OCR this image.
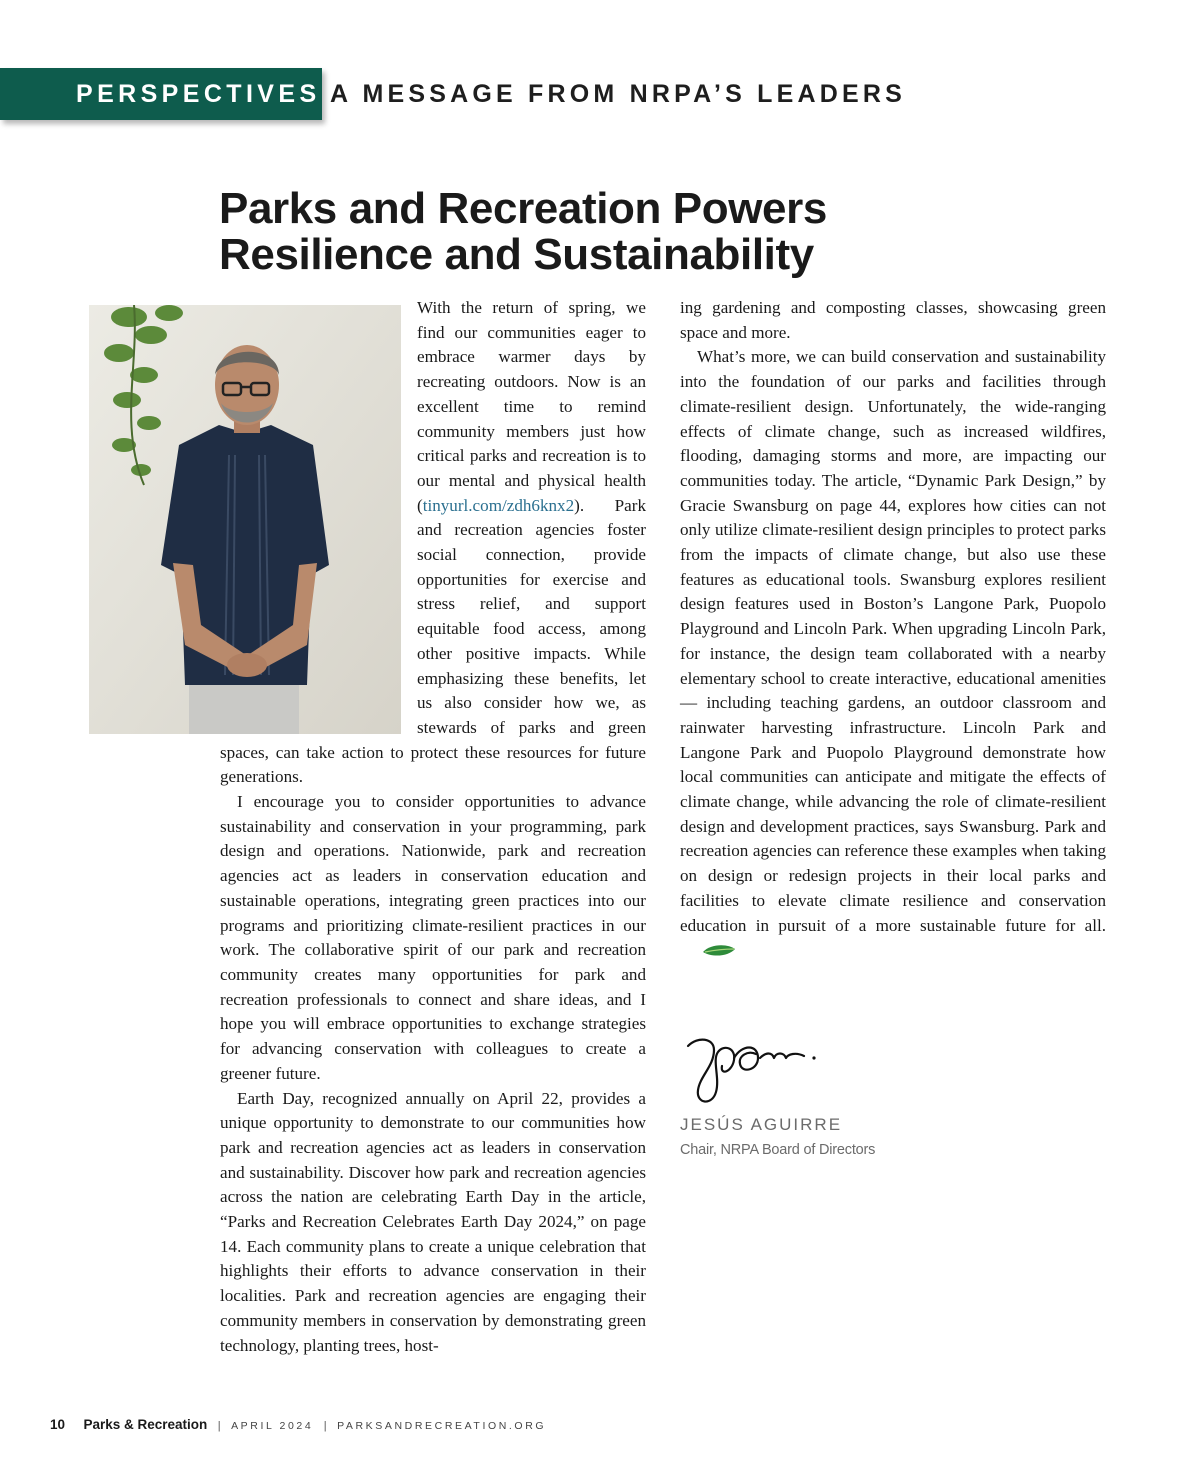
PERSPECTIVES A MESSAGE FROM NRPA’S LEADERS
Parks and Recreation Powers
Resilience and Sustainability

With the return of spring, we find our communities eager to embrace warmer days by recreating outdoors. Now is an excellent time to remind community members just how critical parks and recreation is to our mental and physical health (tinyurl.com/zdh6knx2). Park and recreation agencies foster social connection, provide opportunities for exercise and stress relief, and support equitable food access, among other positive impacts. While emphasizing these benefits, let us also consider how we, as stewards of parks and green spaces, can take action to protect these resources for future generations.

I encourage you to consider opportunities to advance sustainability and conservation in your programming, park design and operations. Nationwide, park and recreation agencies act as leaders in conservation education and sustainable operations, integrating green practices into our programs and prioritizing climate-resilient practices in our work. The collaborative spirit of our park and recreation community creates many opportunities for park and recreation professionals to connect and share ideas, and I hope you will embrace opportunities to exchange strategies for advancing conservation with colleagues to create a greener future.

Earth Day, recognized annually on April 22, provides a unique opportunity to demonstrate to our communities how park and recreation agencies act as leaders in conservation and sustainability. Discover how park and recreation agencies across the nation are celebrating Earth Day in the article, “Parks and Recreation Celebrates Earth Day 2024,” on page 14. Each community plans to create a unique celebration that highlights their efforts to advance conservation in their localities. Park and recreation agencies are engaging their community members in conservation by demonstrating green technology, planting trees, host-

ing gardening and composting classes, showcasing green space and more.

What’s more, we can build conservation and sustainability into the foundation of our parks and facilities through climate-resilient design. Unfortunately, the wide-ranging effects of climate change, such as increased wildfires, flooding, damaging storms and more, are impacting our communities today. The article, “Dynamic Park Design,” by Gracie Swansburg on page 44, explores how cities can not only utilize climate-resilient design principles to protect parks from the impacts of climate change, but also use these features as educational tools. Swansburg explores resilient design features used in Boston’s Langone Park, Puopolo Playground and Lincoln Park. When upgrading Lincoln Park, for instance, the design team collaborated with a nearby elementary school to create interactive, educational amenities — including teaching gardens, an outdoor classroom and rainwater harvesting infrastructure. Lincoln Park and Langone Park and Puopolo Playground demonstrate how local communities can anticipate and mitigate the effects of climate change, while advancing the role of climate-resilient design and development practices, says Swansburg. Park and recreation agencies can reference these examples when taking on design or redesign projects in their local parks and facilities to elevate climate resilience and conservation education in pursuit of a more sustainable future for all.

JESÚS AGUIRRE
Chair, NRPA Board of Directors
10 Parks & Recreation | APRIL 2024 | PARKSANDRECREATION.ORG
